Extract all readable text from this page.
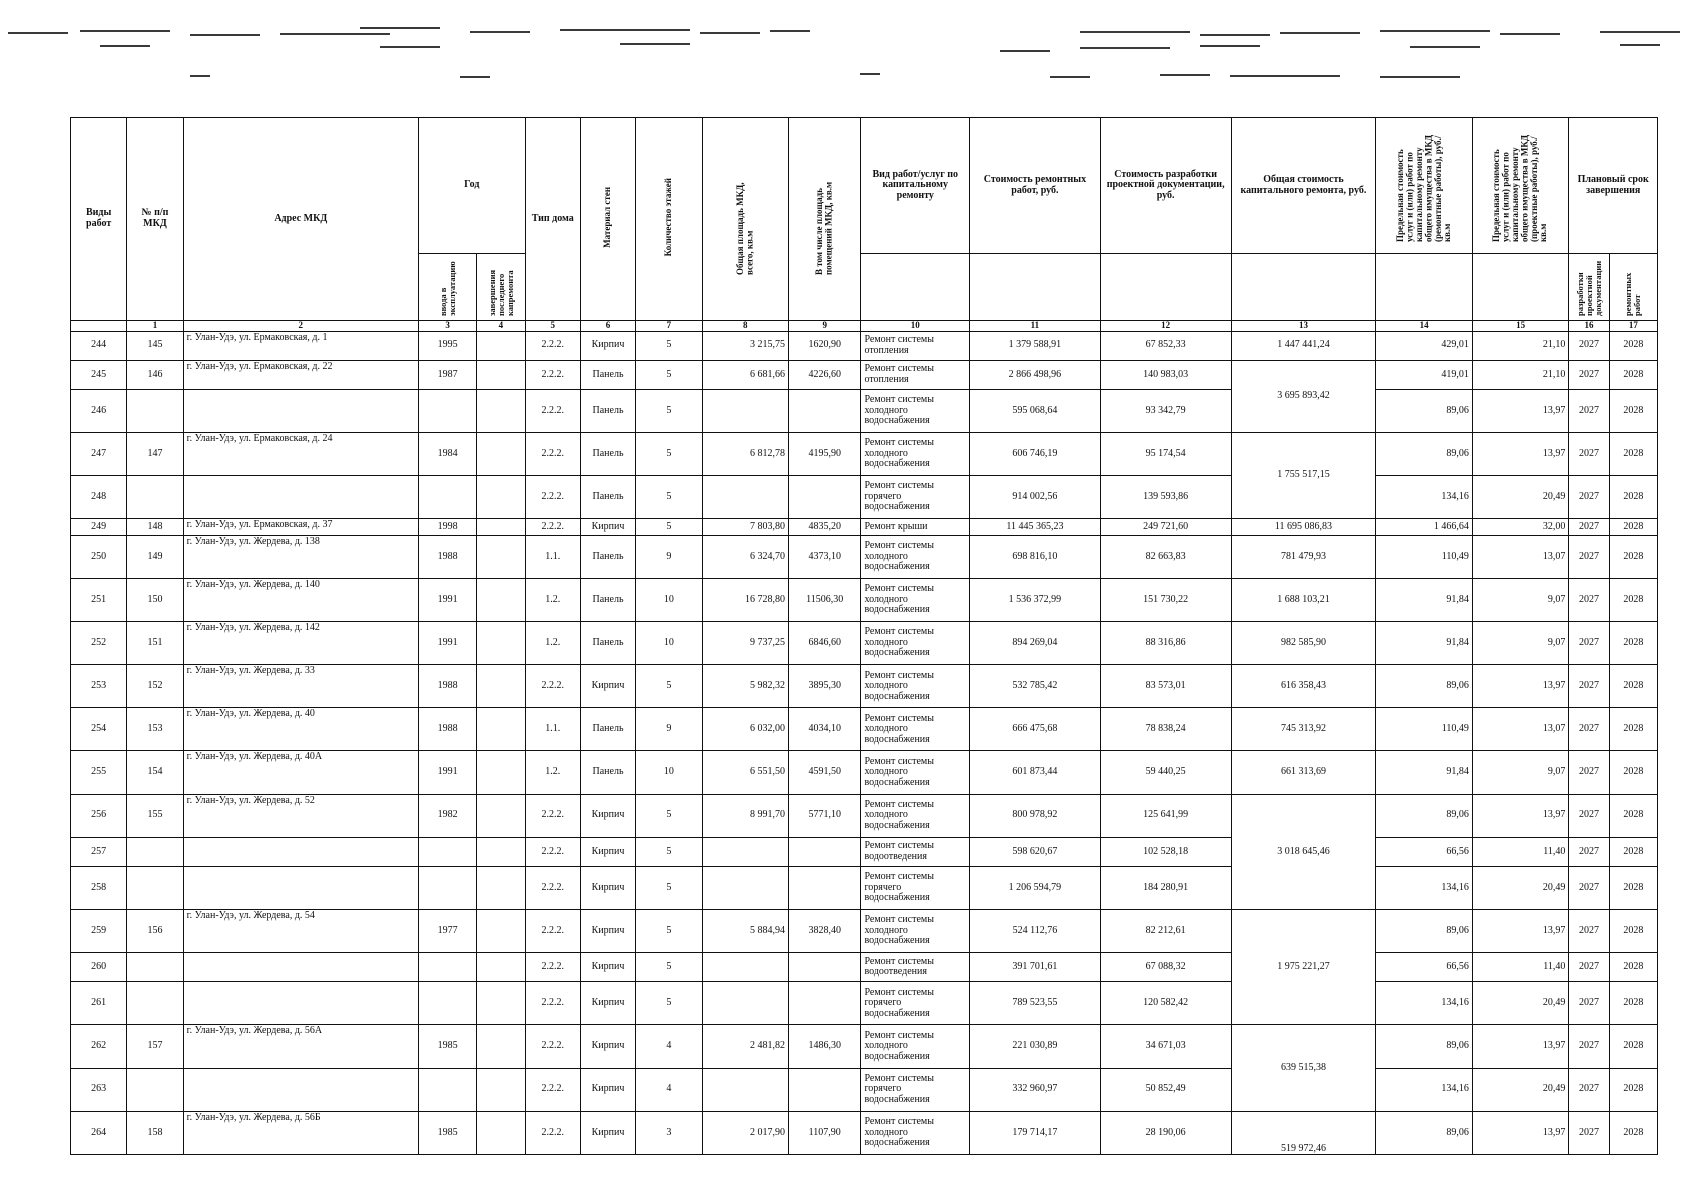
Виды работ	№ п/п МКД	Адрес МКД	Год		Тип дома	Материал стен	Количество этажей	Общая площадь МКД, всего, кв.м	В том числе площадь помещений МКД, кв.м	Вид работ/услуг по капитальному ремонту	Стоимость ремонтных работ, руб.	Стоимость разработки проектной документации, руб.	Общая стоимость капитального ремонта, руб.	Предельная стоимость услуг и (или) работ по капитальному ремонту общего имущества в МКД (ремонтные работы), руб./кв.м	Предельная стоимость услуг и (или) работ по капитальному ремонту общего имущества в МКД (проектные работы), руб./кв.м	Плановый срок завершения	
			ввода в эксплуатацию	завершения последнего капремонта												разработки проектной документации	ремонтных работ
	1	2	3	4	5	6	7	8	9	10	11	12	13	14	15	16	17
244	145	г. Улан-Удэ, ул. Ермаковская, д. 1	1995		2.2.2.	Кирпич	5	3 215,75	1620,90	Ремонт системы отопления	1 379 588,91	67 852,33	1 447 441,24	429,01	21,10	2027	2028
245	146	г. Улан-Удэ, ул. Ермаковская, д. 22	1987		2.2.2.	Панель	5	6 681,66	4226,60	Ремонт системы отопления	2 866 498,96	140 983,03	3 695 893,42	419,01	21,10	2027	2028
246					2.2.2.	Панель	5			Ремонт системы холодного водоснабжения	595 068,64	93 342,79		89,06	13,97	2027	2028
247	147	г. Улан-Удэ, ул. Ермаковская, д. 24	1984		2.2.2.	Панель	5	6 812,78	4195,90	Ремонт системы холодного водоснабжения	606 746,19	95 174,54	1 755 517,15	89,06	13,97	2027	2028
248					2.2.2.	Панель	5			Ремонт системы горячего водоснабжения	914 002,56	139 593,86		134,16	20,49	2027	2028
249	148	г. Улан-Удэ, ул. Ермаковская, д. 37	1998		2.2.2.	Кирпич	5	7 803,80	4835,20	Ремонт крыши	11 445 365,23	249 721,60	11 695 086,83	1 466,64	32,00	2027	2028
250	149	г. Улан-Удэ, ул. Жердева, д. 138	1988		1.1.	Панель	9	6 324,70	4373,10	Ремонт системы холодного водоснабжения	698 816,10	82 663,83	781 479,93	110,49	13,07	2027	2028
251	150	г. Улан-Удэ, ул. Жердева, д. 140	1991		1.2.	Панель	10	16 728,80	11506,30	Ремонт системы холодного водоснабжения	1 536 372,99	151 730,22	1 688 103,21	91,84	9,07	2027	2028
252	151	г. Улан-Удэ, ул. Жердева, д. 142	1991		1.2.	Панель	10	9 737,25	6846,60	Ремонт системы холодного водоснабжения	894 269,04	88 316,86	982 585,90	91,84	9,07	2027	2028
253	152	г. Улан-Удэ, ул. Жердева, д. 33	1988		2.2.2.	Кирпич	5	5 982,32	3895,30	Ремонт системы холодного водоснабжения	532 785,42	83 573,01	616 358,43	89,06	13,97	2027	2028
254	153	г. Улан-Удэ, ул. Жердева, д. 40	1988		1.1.	Панель	9	6 032,00	4034,10	Ремонт системы холодного водоснабжения	666 475,68	78 838,24	745 313,92	110,49	13,07	2027	2028
255	154	г. Улан-Удэ, ул. Жердева, д. 40А	1991		1.2.	Панель	10	6 551,50	4591,50	Ремонт системы холодного водоснабжения	601 873,44	59 440,25	661 313,69	91,84	9,07	2027	2028
256	155	г. Улан-Удэ, ул. Жердева, д. 52	1982		2.2.2.	Кирпич	5	8 991,70	5771,10	Ремонт системы холодного водоснабжения	800 978,92	125 641,99	3 018 645,46	89,06	13,97	2027	2028
257					2.2.2.	Кирпич	5			Ремонт системы водоотведения	598 620,67	102 528,18		66,56	11,40	2027	2028
258					2.2.2.	Кирпич	5			Ремонт системы горячего водоснабжения	1 206 594,79	184 280,91		134,16	20,49	2027	2028
259	156	г. Улан-Удэ, ул. Жердева, д. 54	1977		2.2.2.	Кирпич	5	5 884,94	3828,40	Ремонт системы холодного водоснабжения	524 112,76	82 212,61	1 975 221,27	89,06	13,97	2027	2028
260					2.2.2.	Кирпич	5			Ремонт системы водоотведения	391 701,61	67 088,32		66,56	11,40	2027	2028
261					2.2.2.	Кирпич	5			Ремонт системы горячего водоснабжения	789 523,55	120 582,42		134,16	20,49	2027	2028
262	157	г. Улан-Удэ, ул. Жердева, д. 56А	1985		2.2.2.	Кирпич	4	2 481,82	1486,30	Ремонт системы холодного водоснабжения	221 030,89	34 671,03	639 515,38	89,06	13,97	2027	2028
263					2.2.2.	Кирпич	4			Ремонт системы горячего водоснабжения	332 960,97	50 852,49		134,16	20,49	2027	2028
264	158	г. Улан-Удэ, ул. Жердева, д. 56Б	1985		2.2.2.	Кирпич	3	2 017,90	1107,90	Ремонт системы холодного водоснабжения	179 714,17	28 190,06	519 972,46	89,06	13,97	2027	2028
